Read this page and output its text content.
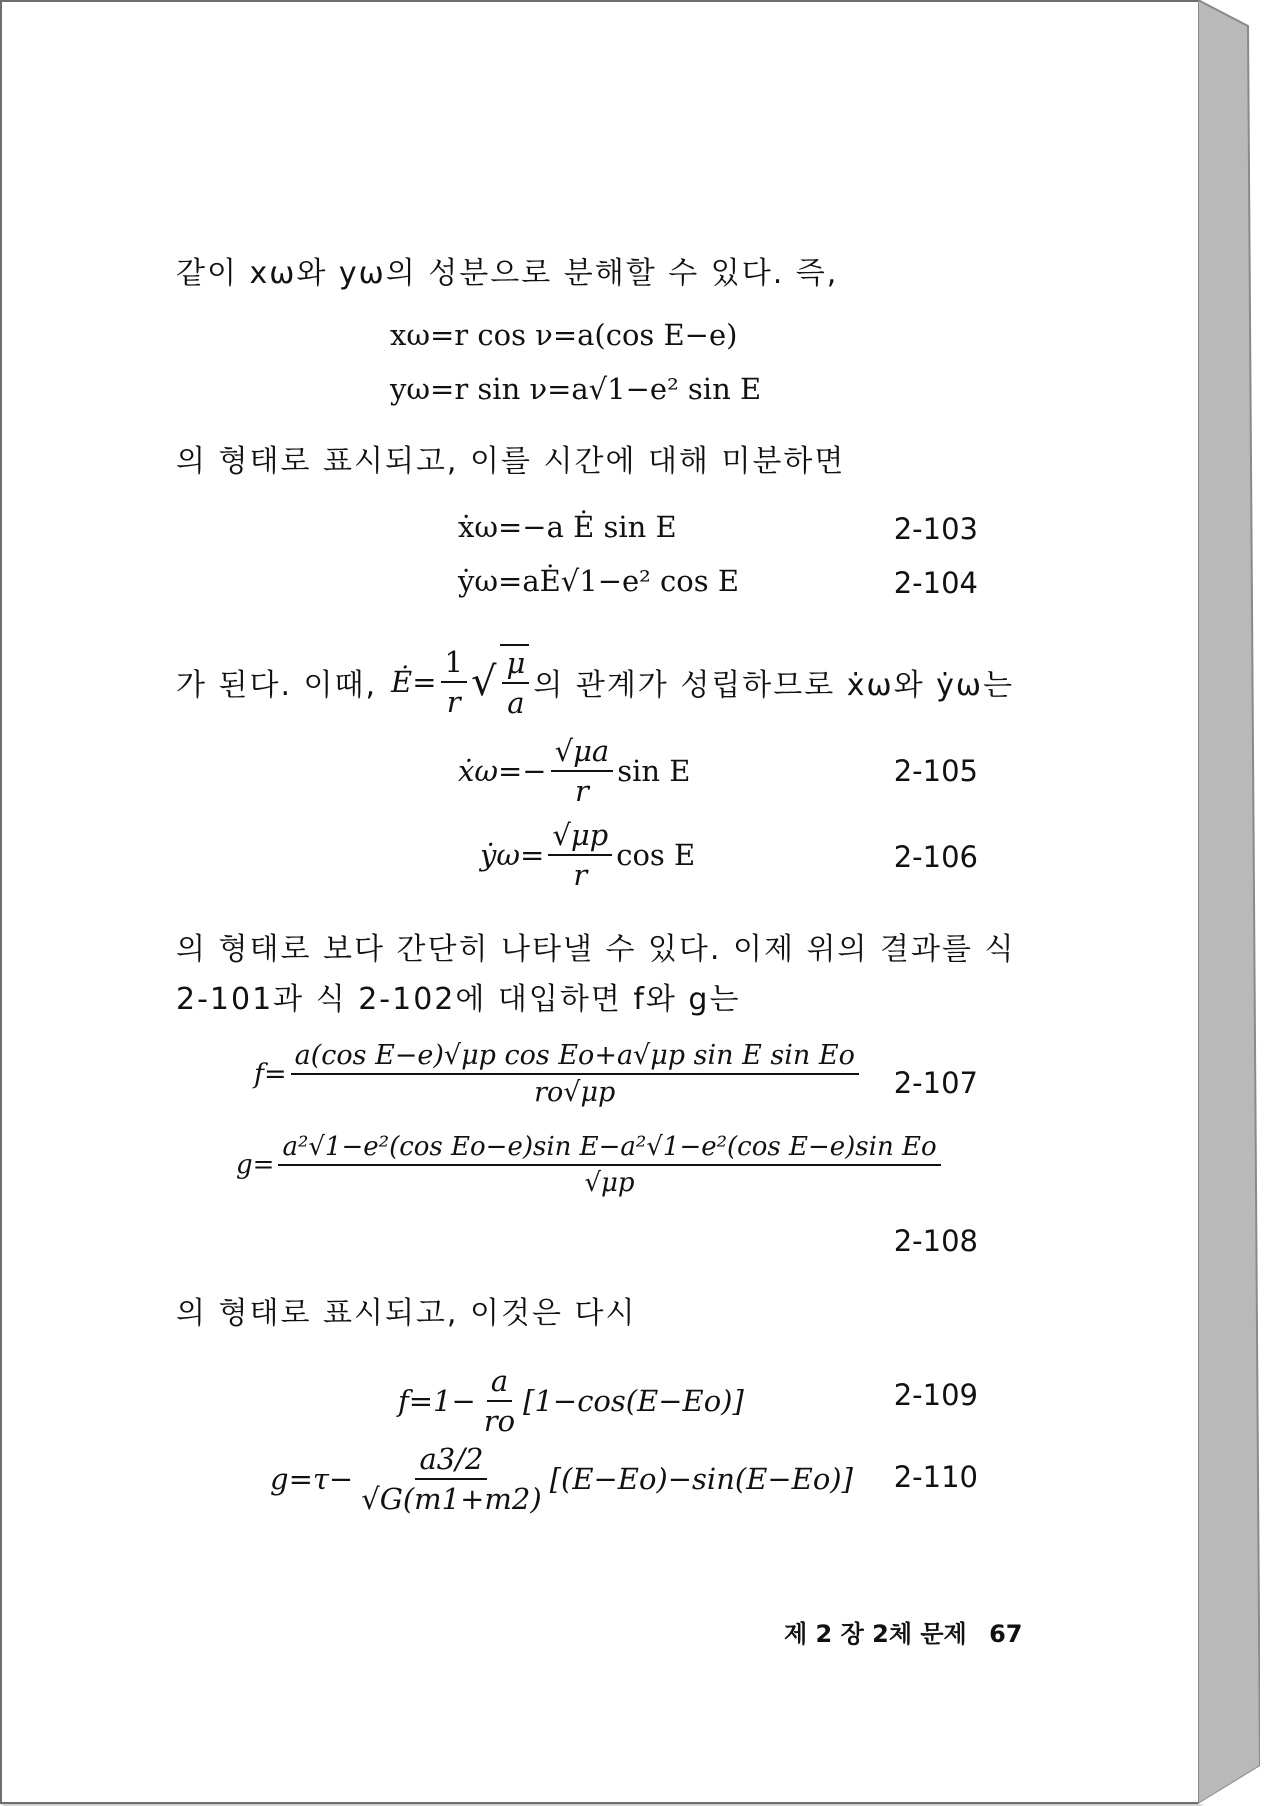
같이 xω와 yω의 성분으로 분해할 수 있다. 즉,
xω=r cos ν=a(cos E−e)
yω=r sin ν=a√1−e² sin E
의 형태로 표시되고, 이를 시간에 대해 미분하면
ẋω=−a Ė sin E	2-103
ẏω=aĖ√1−e² cos E	2-104
가 된다. 이때, Ė= $\frac{1}{r}$ √ $\frac{\mu}{a}$ 의 관계가 성립하므로 ẋω와 ẏω는
ẋω=− $\frac{√\mu a}{r}$ sin E	2-105
ẏω= $\frac{√\mu p}{r}$ cos E	2-106
의 형태로 보다 간단히 나타낼 수 있다. 이제 위의 결과를 식
2-101과 식 2-102에 대입하면 f와 g는
$f= \frac{\text{a(cos E−e)√μp cos Eo+a√μp sin E sin Eo}}{ro√\mu p} 2-107$
$g= \frac{\text{a²√1−e²(cos Eo−e)sin E−a²√1−e²(cos E−e)sin Eo}}{√\mu p}$
2-108
의 형태로 표시되고, 이것은 다시
$f=1- \frac{a}{ro} [1-\cos(E-Eo)]$	2-109
$g=\tau- \frac{a3/2}{√G(m1+m2)} [(E-Eo)-\sin(E-Eo)]$ 2-110
제 2 장 2체 문제 67
